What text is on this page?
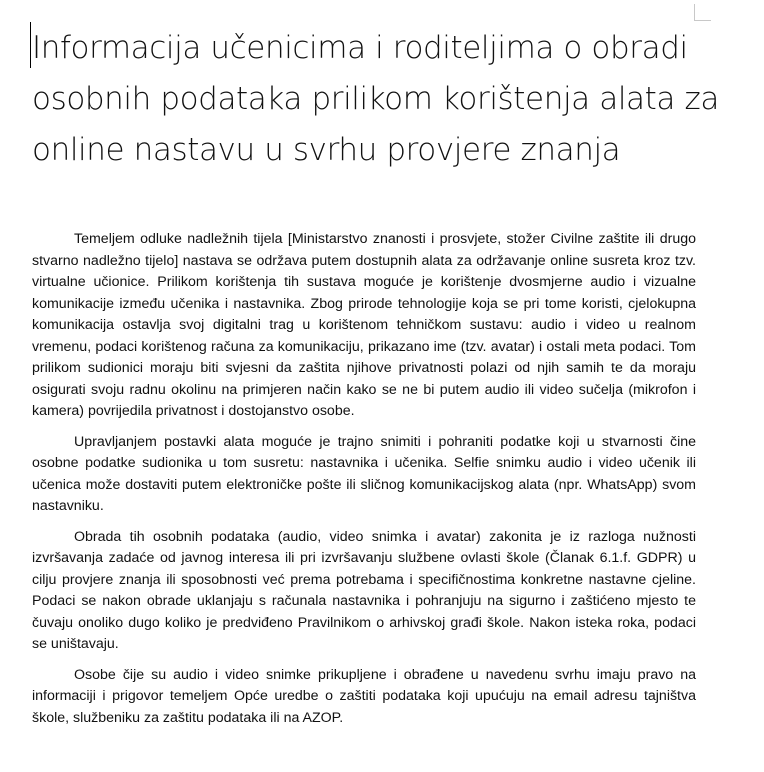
Informacija učenicima i roditeljima o obradi osobnih podataka prilikom korištenja alata za online nastavu u svrhu provjere znanja

Temeljem odluke nadležnih tijela [Ministarstvo znanosti i prosvjete, stožer Civilne zaštite ili drugo stvarno nadležno tijelo] nastava se održava putem dostupnih alata za održavanje online susreta kroz tzv. virtualne učionice. Prilikom korištenja tih sustava moguće je korištenje dvosmjerne audio i vizualne komunikacije između učenika i nastavnika. Zbog prirode tehnologije koja se pri tome koristi, cjelokupna komunikacija ostavlja svoj digitalni trag u korištenom tehničkom sustavu: audio i video u realnom vremenu, podaci korištenog računa za komunikaciju, prikazano ime (tzv. avatar) i ostali meta podaci. Tom prilikom sudionici moraju biti svjesni da zaštita njihove privatnosti polazi od njih samih te da moraju osigurati svoju radnu okolinu na primjeren način kako se ne bi putem audio ili video sučelja (mikrofon i kamera) povrijedila privatnost i dostojanstvo osobe.

Upravljanjem postavki alata moguće je trajno snimiti i pohraniti podatke koji u stvarnosti čine osobne podatke sudionika u tom susretu: nastavnika i učenika. Selfie snimku audio i video učenik ili učenica može dostaviti putem elektroničke pošte ili sličnog komunikacijskog alata (npr. WhatsApp) svom nastavniku.

Obrada tih osobnih podataka (audio, video snimka i avatar) zakonita je iz razloga nužnosti izvršavanja zadaće od javnog interesa ili pri izvršavanju službene ovlasti škole (Članak 6.1.f. GDPR) u cilju provjere znanja ili sposobnosti već prema potrebama i specifičnostima konkretne nastavne cjeline. Podaci se nakon obrade uklanjaju s računala nastavnika i pohranjuju na sigurno i zaštićeno mjesto te čuvaju onoliko dugo koliko je predviđeno Pravilnikom o arhivskoj građi škole. Nakon isteka roka, podaci se uništavaju.

Osobe čije su audio i video snimke prikupljene i obrađene u navedenu svrhu imaju pravo na informaciji i prigovor temeljem Opće uredbe o zaštiti podataka koji upućuju na email adresu tajništva škole, službeniku za zaštitu podataka ili na AZOP.
